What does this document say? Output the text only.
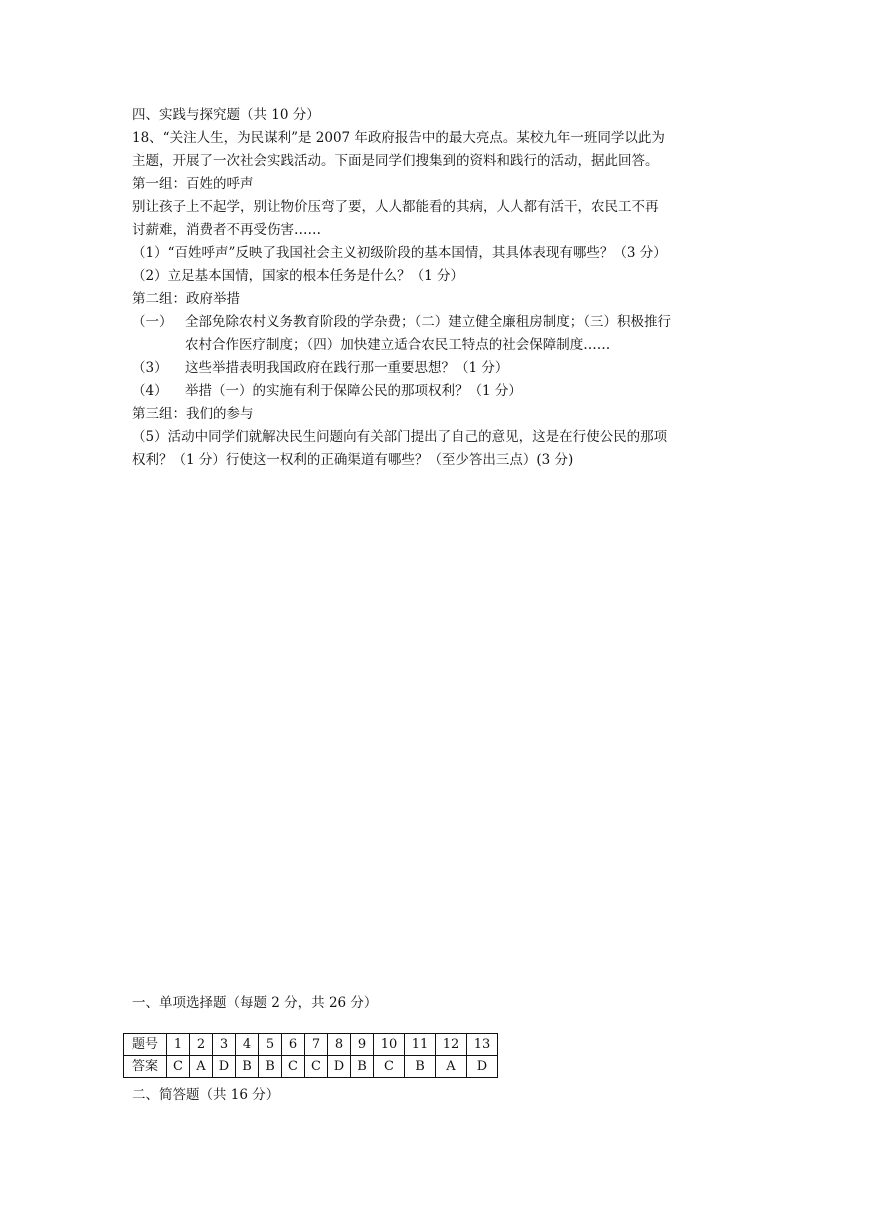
四、实践与探究题（共 10 分）
18、“关注人生，为民谋利”是 2007 年政府报告中的最大亮点。某校九年一班同学以此为
主题，开展了一次社会实践活动。下面是同学们搜集到的资料和践行的活动，据此回答。
第一组：百姓的呼声
别让孩子上不起学，别让物价压弯了要，人人都能看的其病，人人都有活干，农民工不再
讨薪难，消费者不再受伤害……
（1）“百姓呼声”反映了我国社会主义初级阶段的基本国情，其具体表现有哪些？（3 分）
（2）立足基本国情，国家的根本任务是什么？（1 分）
第二组：政府举措
（一） 全部免除农村义务教育阶段的学杂费；（二）建立健全廉租房制度；（三）积极推行
农村合作医疗制度；（四）加快建立适合农民工特点的社会保障制度……
（3） 这些举措表明我国政府在践行那一重要思想？（1 分）
（4） 举措（一）的实施有利于保障公民的那项权利？（1 分）
第三组：我们的参与
（5）活动中同学们就解决民生问题向有关部门提出了自己的意见，这是在行使公民的那项
权利？（1 分）行使这一权利的正确渠道有哪些？（至少答出三点）(3 分)
一、单项选择题（每题 2 分，共 26 分）
题号	1	2	3	4	5	6	7	8	9	10	11	12	13
答案	C	A	D	B	B	C	C	D	B	C	B	A	D
二、简答题（共 16 分）
